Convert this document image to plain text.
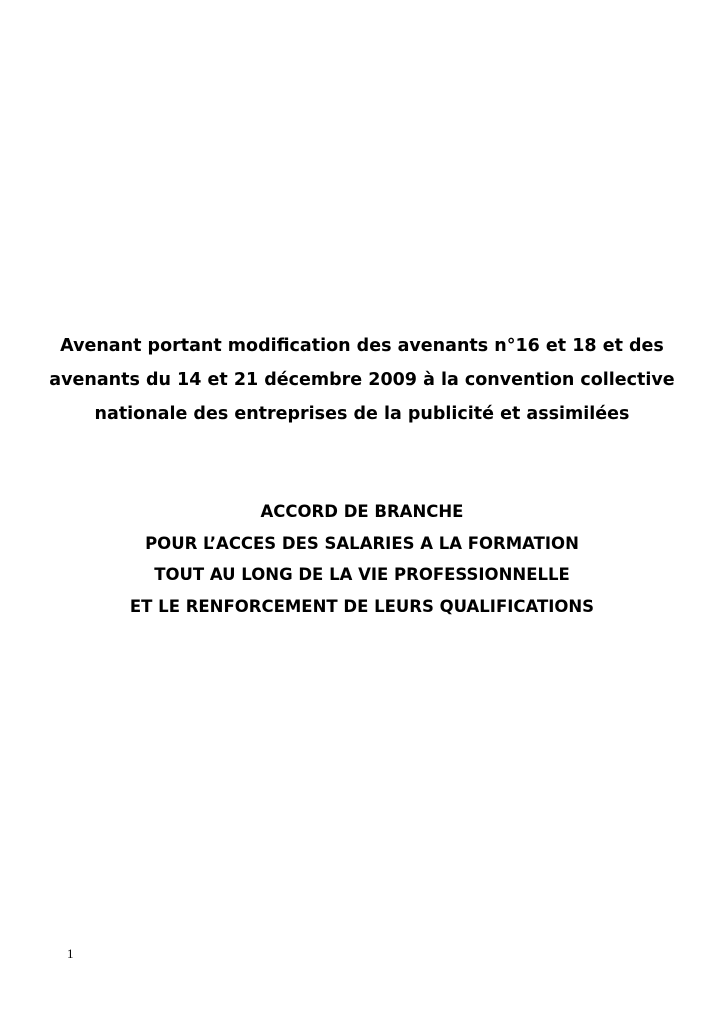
Avenant portant modification des avenants n°16 et 18 et des
avenants du 14 et 21 décembre 2009 à la convention collective
nationale des entreprises de la publicité et assimilées
ACCORD DE BRANCHE
POUR L’ACCES DES SALARIES A LA FORMATION
TOUT AU LONG DE LA VIE PROFESSIONNELLE
ET LE RENFORCEMENT DE LEURS QUALIFICATIONS
1
